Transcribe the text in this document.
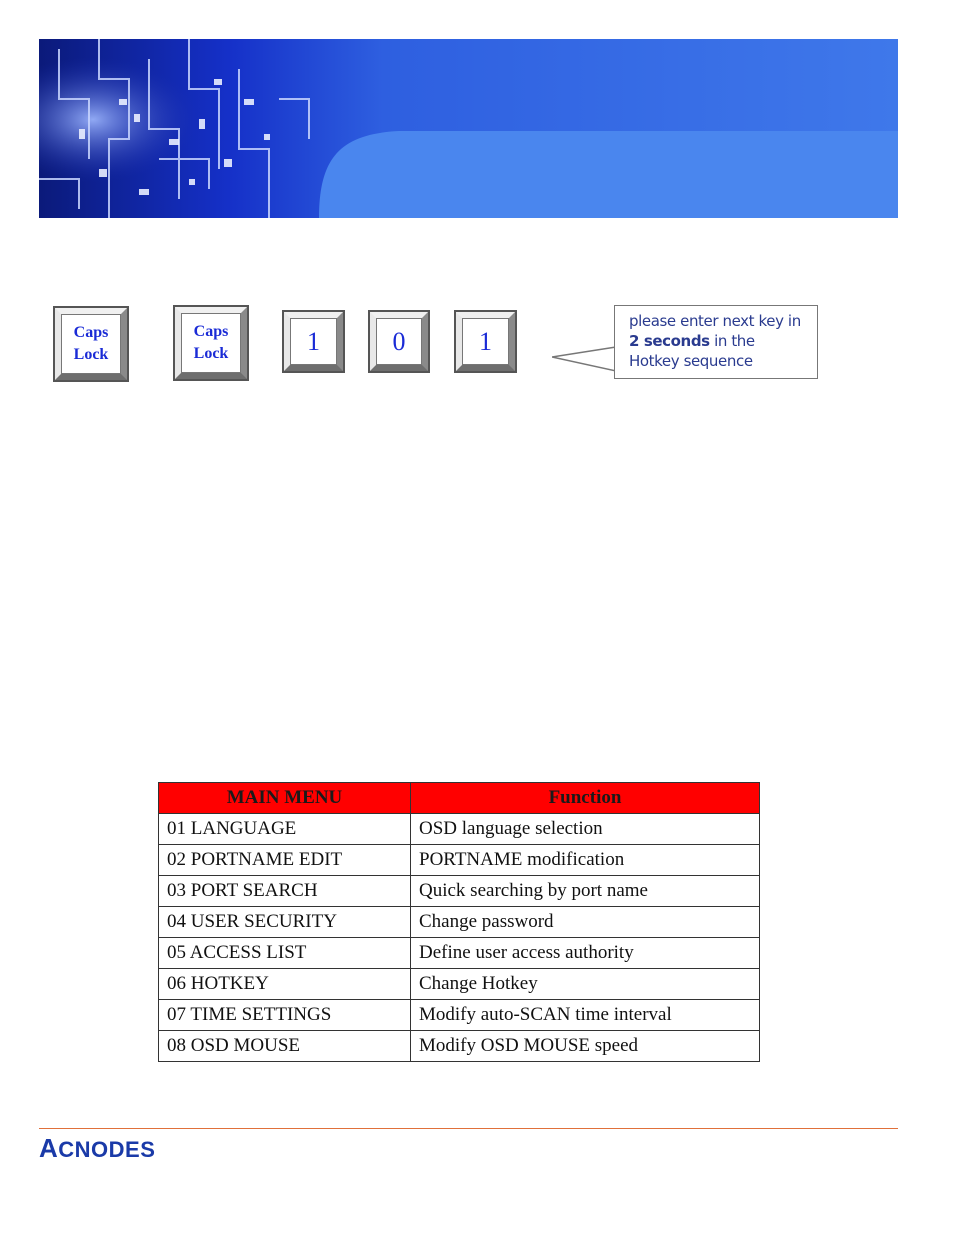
Caps
Lock
Caps
Lock	1	0	1
please enter next key in
2 seconds in the
Hotkey sequence
MAIN MENU	Function
01 LANGUAGE	OSD language selection
02 PORTNAME EDIT	PORTNAME modification
03 PORT SEARCH	Quick searching by port name
04 USER SECURITY	Change password
05 ACCESS LIST	Define user access authority
06 HOTKEY	Change Hotkey
07 TIME SETTINGS	Modify auto-SCAN time interval
08 OSD MOUSE	Modify OSD MOUSE speed
ACNODES
